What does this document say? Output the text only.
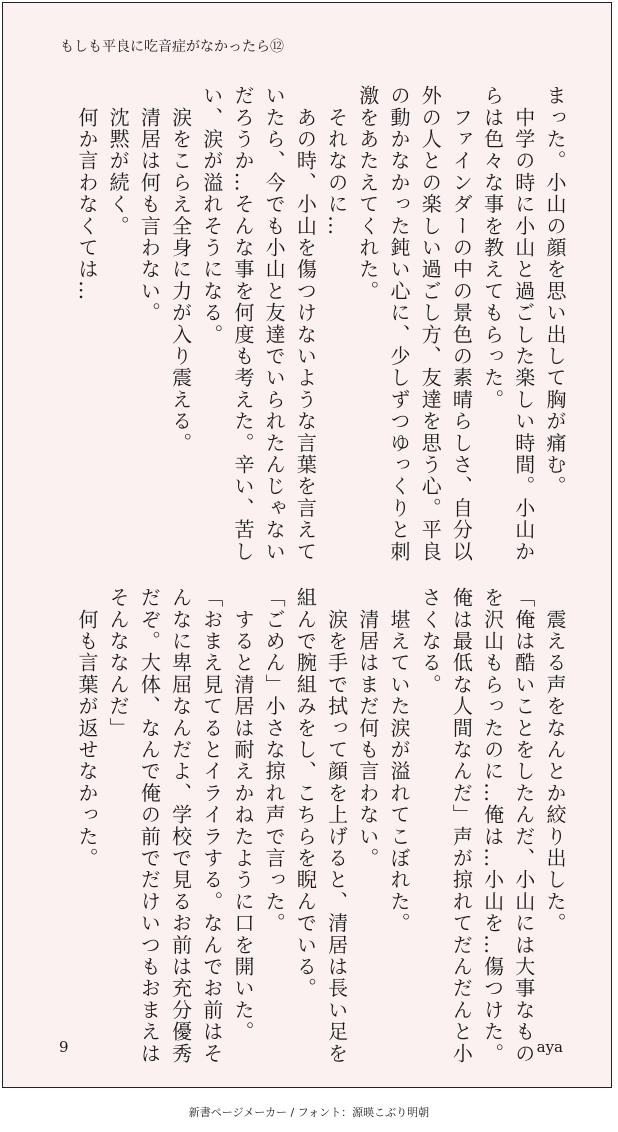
もしも平良に吃音症がなかったら⑫

まった。小山の顔を思い出して胸が痛む。

　中学の時に小山と過ごした楽しい時間。小山か

らは色々な事を教えてもらった。

　ファインダーの中の景色の素晴らしさ、自分以

外の人との楽しい過ごし方、友達を思う心。平良

の動かなかった鈍い心に、少しずつゆっくりと刺

激をあたえてくれた。

　それなのに…

　あの時、小山を傷つけないような言葉を言えて

いたら、今でも小山と友達でいられたんじゃない

だろうか…そんな事を何度も考えた。辛い、苦し

い、涙が溢れそうになる。

　涙をこらえ全身に力が入り震える。

　清居は何も言わない。

　沈黙が続く。

　何か言わなくては…

　震える声をなんとか絞り出した。

「俺は酷いことをしたんだ、小山には大事なもの

を沢山もらったのに…俺は…小山を…傷つけた。

俺は最低な人間なんだ」声が掠れてだんだんと小

さくなる。

　堪えていた涙が溢れてこぼれた。

　清居はまだ何も言わない。

　涙を手で拭って顔を上げると、清居は長い足を

組んで腕組みをし、こちらを睨んでいる。

「ごめん」小さな掠れ声で言った。

　すると清居は耐えかねたように口を開いた。

「おまえ見てるとイライラする。なんでお前はそ

んなに卑屈なんだよ、学校で見るお前は充分優秀

だぞ。大体、なんで俺の前でだけいつもおまえは

そんななんだ」

　何も言葉が返せなかった。

9	aya
新書ページメーカー / フォント：源暎こぶり明朝
